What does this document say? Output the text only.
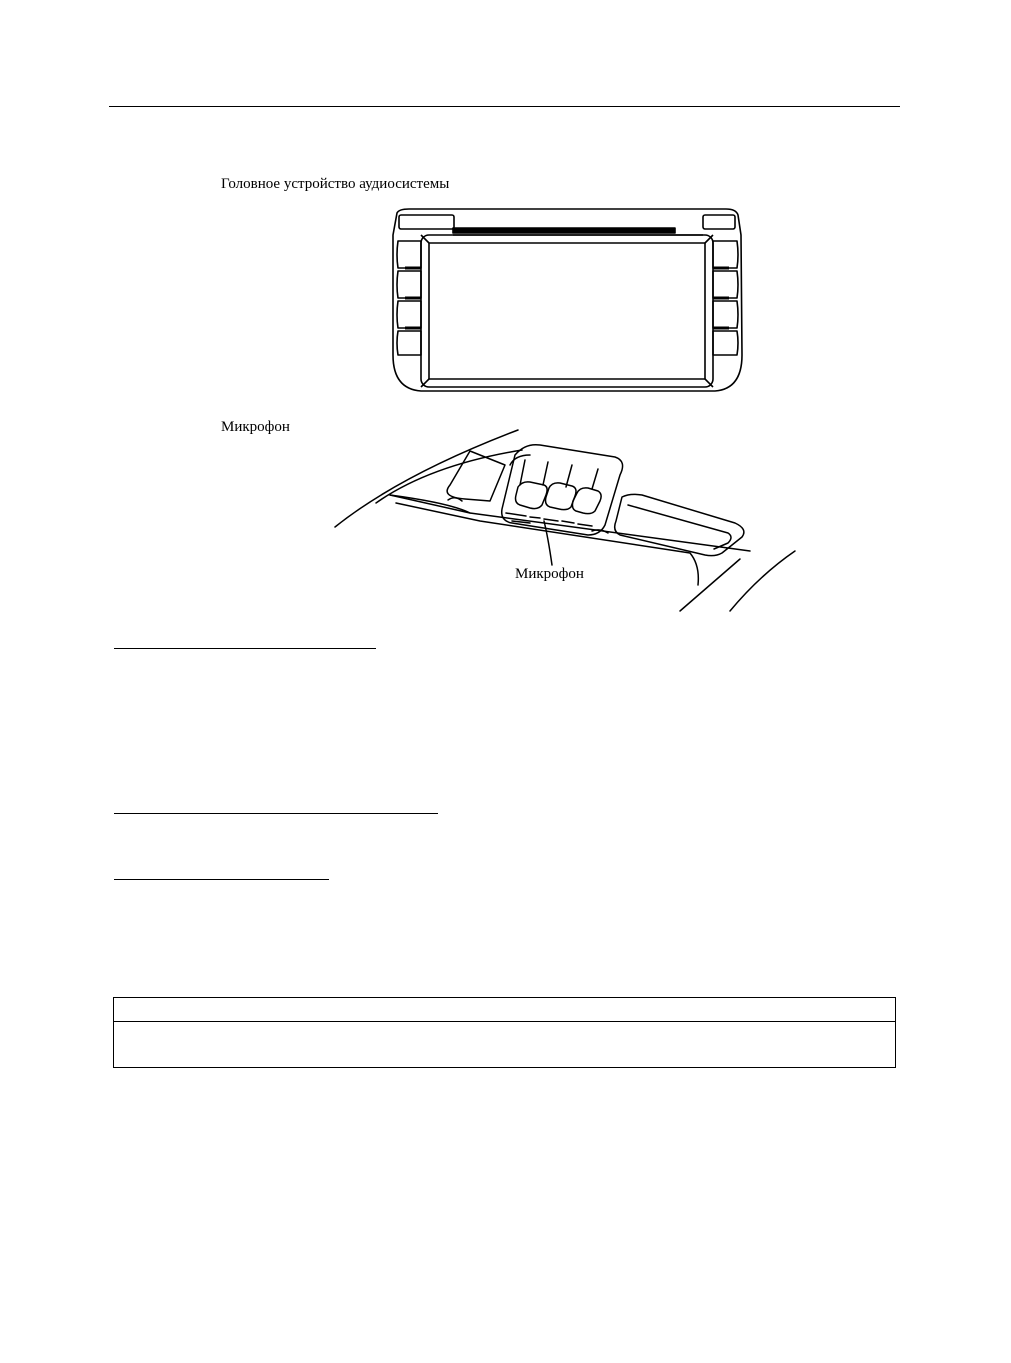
Головное устройство аудиосистемы
Микрофон
Микрофон
